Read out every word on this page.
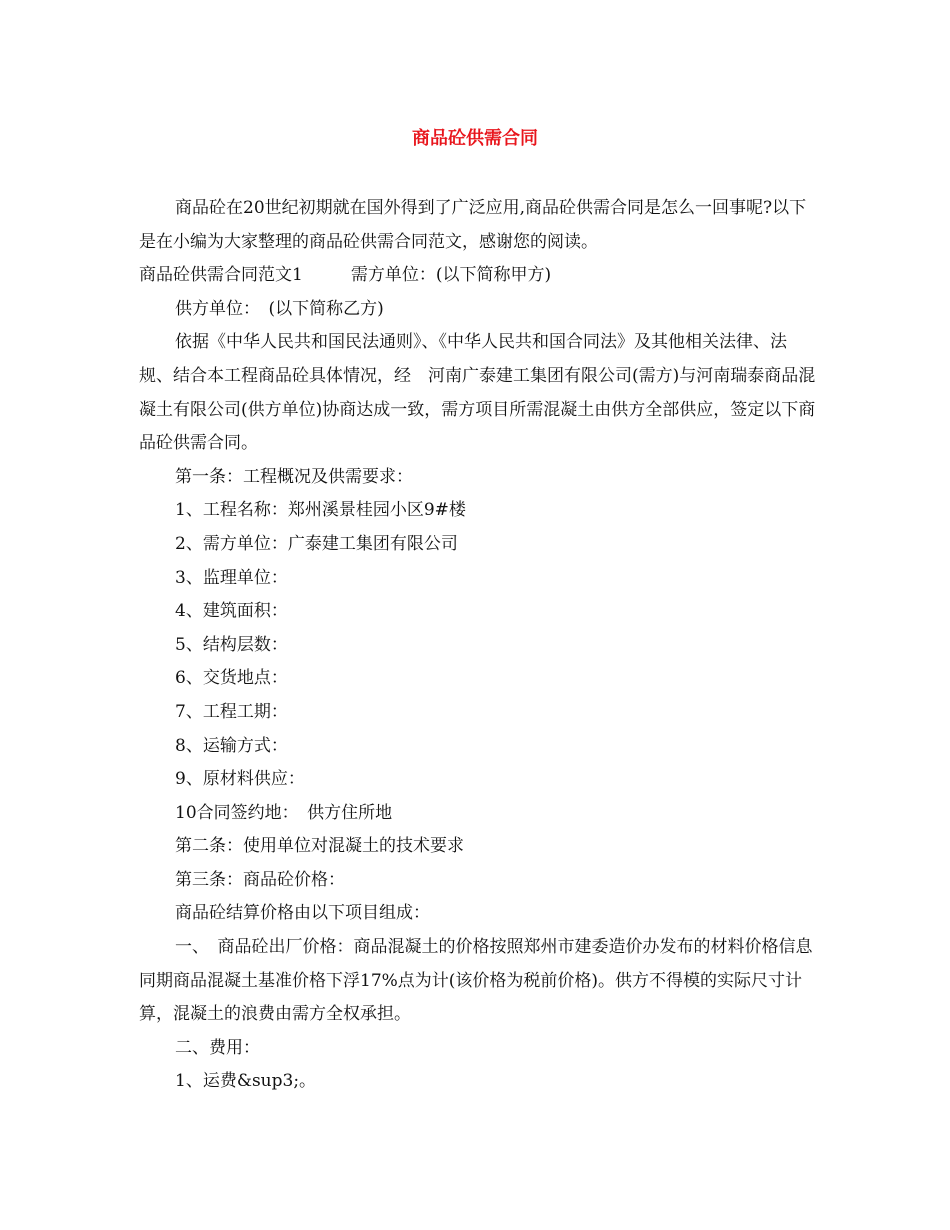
商品砼供需合同

商品砼在20世纪初期就在国外得到了广泛应用,商品砼供需合同是怎么一回事呢?以下是在小编为大家整理的商品砼供需合同范文，感谢您的阅读。

商品砼供需合同范文1	需方单位：(以下简称甲方)

供方单位：　(以下简称乙方)

依据《中华人民共和国民法通则》、《中华人民共和国合同法》及其他相关法律、法规、结合本工程商品砼具体情况，经　河南广泰建工集团有限公司(需方)与河南瑞泰商品混凝土有限公司(供方单位)协商达成一致，需方项目所需混凝土由供方全部供应，签定以下商品砼供需合同。

第一条：工程概况及供需要求：

1、工程名称：郑州溪景桂园小区9#楼

2、需方单位：广泰建工集团有限公司

3、监理单位：

4、建筑面积：

5、结构层数：

6、交货地点：

7、工程工期：

8、运输方式：

9、原材料供应：

10合同签约地：　供方住所地

第二条：使用单位对混凝土的技术要求

第三条：商品砼价格：

商品砼结算价格由以下项目组成：

一、　商品砼出厂价格：商品混凝土的价格按照郑州市建委造价办发布的材料价格信息同期商品混凝土基准价格下浮17%点为计(该价格为税前价格)。供方不得模的实际尺寸计算，混凝土的浪费由需方全权承担。

二、费用：

1、运费&sup3;。
